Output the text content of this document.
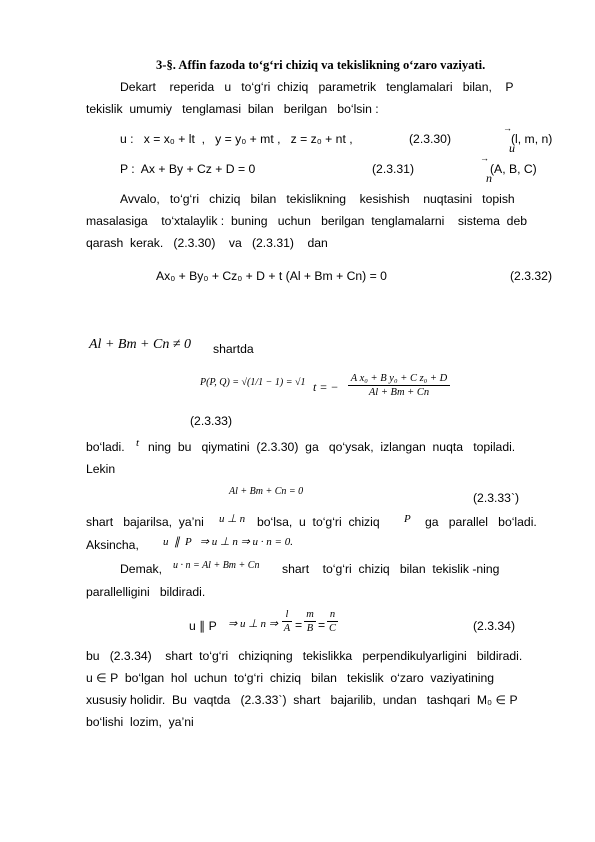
3-§. Affin fazoda to‘g‘ri chiziq va tekislikning o‘zaro vaziyati.
Dekart    reperida   u   to‘g‘ri  chiziq   parametrik   tenglamalari   bilan,    P
tekislik  umumiy   tenglamasi  bilan   berilgan   bo‘lsin :
u :   x = x₀ + lt  ,   y = y₀ + mt ,   z = z₀ + nt ,	(2.3.30)

→
u

(l, m, n)
P :  Ax + By + Cz + D = 0	(2.3.31)

→
n

(A, B, C)
Avvalo,   to‘g‘ri   chiziq   bilan   tekislikning    kesishish    nuqtasini   topish
masalasiga    to‘xtalaylik :  buning   uchun   berilgan  tenglamalarni    sistema  deb
qarash  kerak.   (2.3.30)    va   (2.3.31)    dan
Ax₀ + By₀ + Cz₀ + D + t (Al + Bm + Cn) = 0	(2.3.32)
Al + Bm + Cn ≠ 0 shartda
P(P, Q) = √(1/1 − 1) = √1 t = −
A x₀ + B y₀ + C z₀ + D
Al + Bm + Cn
(2.3.33)
bo‘ladi. t ning  bu   qiymatini  (2.3.30)  ga   qo‘ysak,  izlangan  nuqta   topiladi.
Lekin
Al + Bm + Cn = 0	(2.3.33`)
shart   bajarilsa,  ya’ni u ⊥ n bo‘lsa,  u  to‘g‘ri  chiziq P ga   parallel   bo‘ladi.
Aksincha, u  ∥  P   ⇒ u ⊥ n ⇒ u · n = 0.
Demak, u · n = Al + Bm + Cn shart    to‘g‘ri  chiziq   bilan  tekislik -ning
parallelligini   bildiradi.
u ∥ P ⇒ u ⊥ n ⇒
l
A =
m
B =
n
C	(2.3.34)
bu   (2.3.34)    shart  to‘g‘ri   chiziqning   tekislikka   perpendikulyarligini   bildiradi.
u ∈ P  bo‘lgan  hol  uchun  to‘g‘ri  chiziq   bilan   tekislik  o‘zaro  vaziyatining
xususiy holidir.  Bu  vaqtda   (2.3.33`)  shart   bajarilib,  undan   tashqari  M₀ ∈ P
bo‘lishi  lozim,  ya’ni
